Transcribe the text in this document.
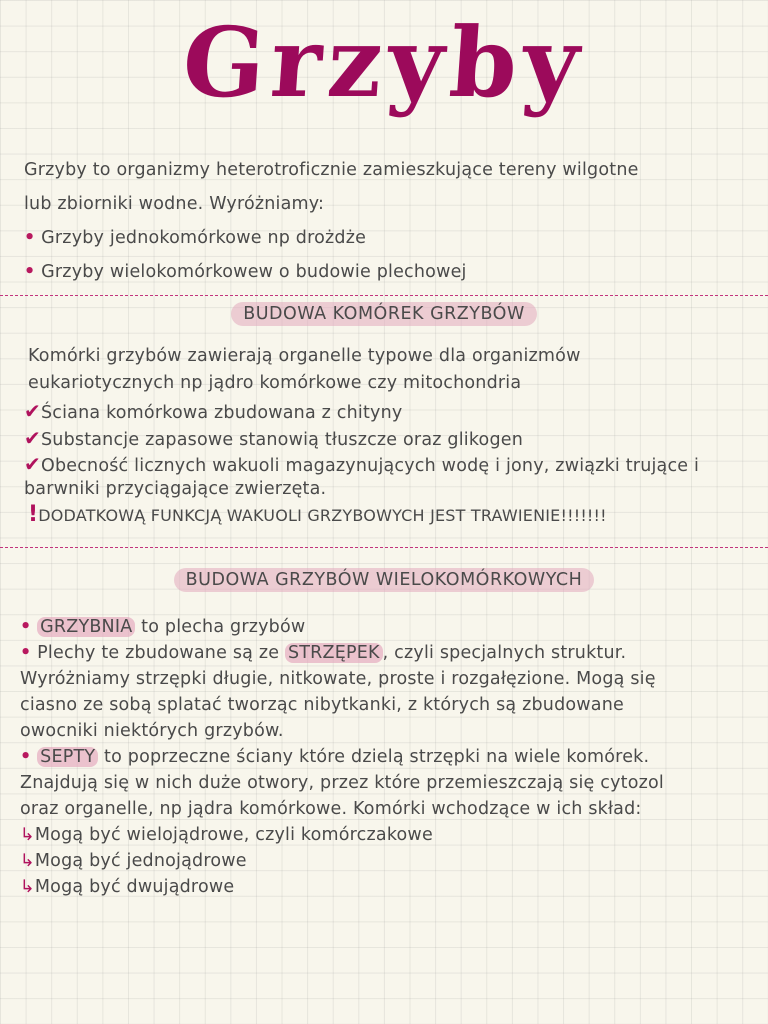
Grzyby
Grzyby to organizmy heterotroficznie zamieszkujące tereny wilgotne
lub zbiorniki wodne. Wyróżniamy:
• Grzyby jednokomórkowe np drożdże
• Grzyby wielokomórkowew o budowie plechowej
BUDOWA KOMÓREK GRZYBÓW
Komórki grzybów zawierają organelle typowe dla organizmów
eukariotycznych np jądro komórkowe czy mitochondria
✔Ściana komórkowa zbudowana z chityny
✔Substancje zapasowe stanowią tłuszcze oraz glikogen
✔Obecność licznych wakuoli magazynujących wodę i jony, związki trujące i
barwniki przyciągające zwierzęta.
!DODATKOWĄ FUNKCJĄ WAKUOLI GRZYBOWYCH JEST TRAWIENIE!!!!!!!
BUDOWA GRZYBÓW WIELOKOMÓRKOWYCH
• GRZYBNIA to plecha grzybów
• Plechy te zbudowane są ze STRZĘPEK , czyli specjalnych struktur.
Wyróżniamy strzępki długie, nitkowate, proste i rozgałęzione. Mogą się
ciasno ze sobą splatać tworząc nibytkanki, z których są zbudowane
owocniki niektórych grzybów.
• SEPTY to poprzeczne ściany które dzielą strzępki na wiele komórek.
Znajdują się w nich duże otwory, przez które przemieszczają się cytozol
oraz organelle, np jądra komórkowe. Komórki wchodzące w ich skład:
↳Mogą być wielojądrowe, czyli komórczakowe
↳Mogą być jednojądrowe
↳Mogą być dwujądrowe
